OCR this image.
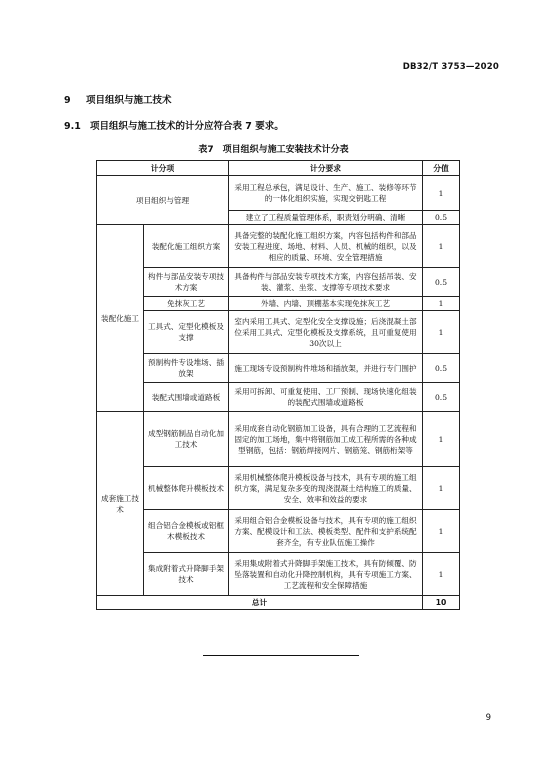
DB32/T 3753—2020
9 项目组织与施工技术
9.1 项目组织与施工技术的计分应符合表 7 要求。
表7　项目组织与施工安装技术计分表
计分项		计分要求	分值
项目组织与管理		采用工程总承包，满足设计、生产、施工、装修等环节的一体化组织实施，实现交钥匙工程	1
		建立了工程质量管理体系，职责划分明确、清晰	0.5
装配化施工	装配化施工组织方案	具备完整的装配化施工组织方案，内容包括构件和部品安装工程进度、场地、材料、人员、机械的组织，以及相应的质量、环境、安全管理措施	1
	构件与部品安装专项技术方案	具备构件与部品安装专项技术方案，内容包括吊装、安装、灌浆、坐浆、支撑等专项技术要求	0.5
	免抹灰工艺	外墙、内墙、顶棚基本实现免抹灰工艺	1
	工具式、定型化模板及支撑	室内采用工具式、定型化安全支撑设施；后浇混凝土部位采用工具式、定型化模板及支撑系统，且可重复使用30次以上	1
	预制构件专设堆场、插放架	施工现场专设预制构件堆场和插放架，并进行专门围护	0.5
	装配式围墙或道路板	采用可拆卸、可重复使用、工厂预制、现场快速化组装的装配式围墙或道路板	0.5
成套施工技术	成型钢筋制品自动化加工技术	采用成套自动化钢筋加工设备，具有合理的工艺流程和固定的加工场地，集中将钢筋加工成工程所需的各种成型钢筋，包括：钢筋焊接网片、钢筋笼、钢筋桁架等	1
	机械整体爬升模板技术	采用机械整体爬升模板设备与技术，具有专项的施工组织方案，满足复杂多变的现浇混凝土结构施工的质量、安全、效率和效益的要求	1
	组合铝合金模板或铝框木模板技术	采用组合铝合金模板设备与技术，具有专项的施工组织方案、配模设计和工法、模板类型、配件和支护系统配套齐全，有专业队伍施工操作	1
	集成附着式升降脚手架技术	采用集成附着式升降脚手架施工技术，具有防倾覆、防坠落装置和自动化升降控制机构，具有专项施工方案、工艺流程和安全保障措施	1
总计			10
9
